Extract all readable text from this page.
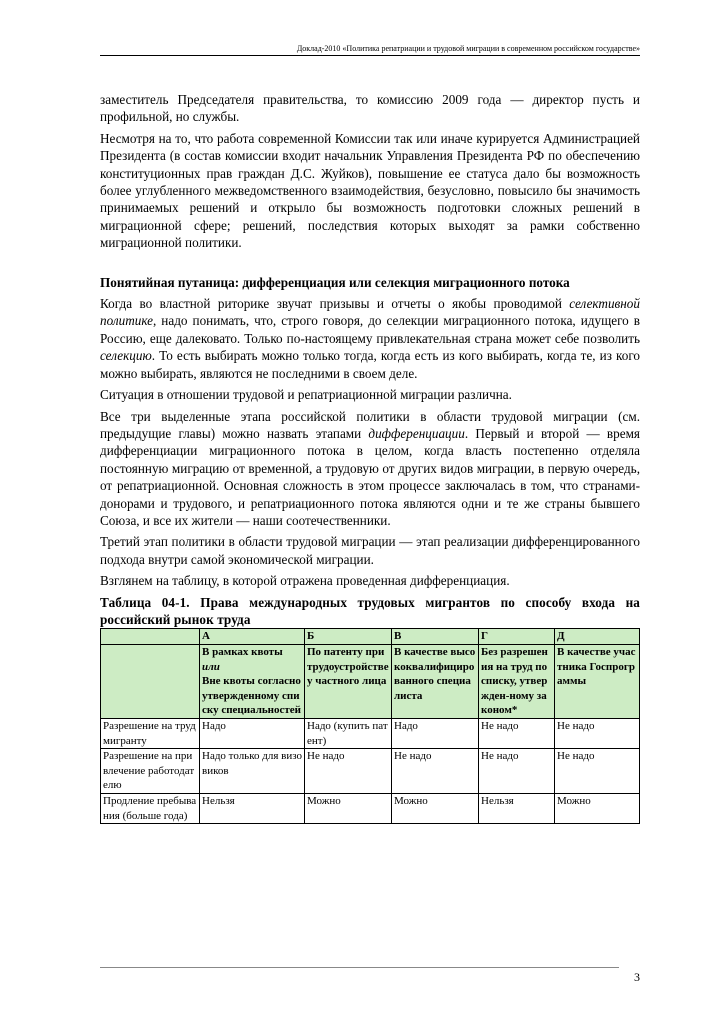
Доклад-2010 «Политика репатриации и трудовой миграции в современном российском государстве»

заместитель Председателя правительства, то комиссию 2009 года — директор пусть и профильной, но службы.

Несмотря на то, что работа современной Комиссии так или иначе курируется Администрацией Президента (в состав комиссии входит начальник Управления Президента РФ по обеспечению конституционных прав граждан Д.С. Жуйков), повышение ее статуса дало бы возможность более углубленного межведомственного взаимодействия, безусловно, повысило бы значимость принимаемых решений и открыло бы возможность подготовки сложных решений в миграционной сфере; решений, последствия которых выходят за рамки собственно миграционной политики.

Понятийная путаница: дифференциация или селекция миграционного потока

Когда во властной риторике звучат призывы и отчеты о якобы проводимой селективной политике, надо понимать, что, строго говоря, до селекции миграционного потока, идущего в Россию, еще далековато. Только по-настоящему привлекательная страна может себе позволить селекцию. То есть выбирать можно только тогда, когда есть из кого выбирать, когда те, из кого можно выбирать, являются не последними в своем деле.

Ситуация в отношении трудовой и репатриационной миграции различна.

Все три выделенные этапа российской политики в области трудовой миграции (см. предыдущие главы) можно назвать этапами дифференциации. Первый и второй — время дифференциации миграционного потока в целом, когда власть постепенно отделяла постоянную миграцию от временной, а трудовую от других видов миграции, в первую очередь, от репатриационной. Основная сложность в этом процессе заключалась в том, что странами-донорами и трудового, и репатриационного потока являются одни и те же страны бывшего Союза, и все их жители — наши соотечественники.

Третий этап политики в области трудовой миграции — этап реализации дифференцированного подхода внутри самой экономической миграции.

Взглянем на таблицу, в которой отражена проведенная дифференциация.

Таблица 04-1. Права международных трудовых мигрантов по способу входа на российский рынок труда

	А	Б	В	Г	Д

	В рамках квоты
или
Вне квоты согласно утвержденному списку специальностей	По патенту при трудоустройстве у частного лица	В качестве высококвалифицированного специалиста	Без разрешения на труд по списку, утвержден-ному законом*	В качестве участника Госпрограммы
Разрешение на труд мигранту	Надо	Надо (купить патент)	Надо	Не надо	Не надо
Разрешение на привлечение работодателю	Надо только для визовиков	Не надо	Не надо	Не надо	Не надо
Продление пребывания (больше года)	Нельзя	Можно	Можно	Нельзя	Можно
3
